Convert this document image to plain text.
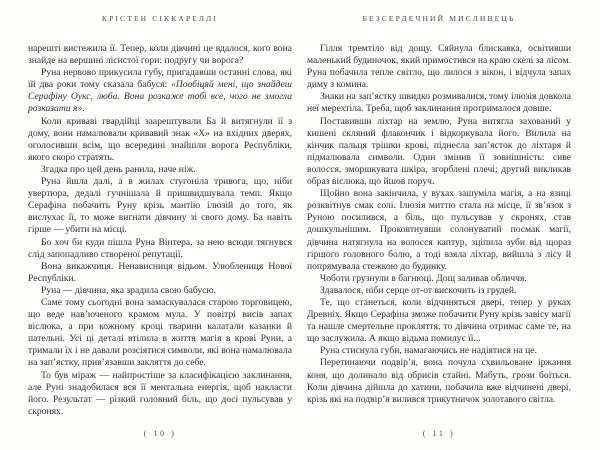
КРІСТЕН СІККАРЕЛЛІ

нарешті вистежила її. Тепер, коли дівчині це вдалося, кого вона знайде на вершині лісистої гори: подругу чи ворога?

Руна нервово прикусила губу, пригадавши останні слова, які їй два роки тому сказала бабуся: «Пообіцяй мені, що знайдеш Серафіну Оукс, люба. Вона розкаже тобі все, чого не змогла розказати я».

Коли криваві гвардійці заарештували Ба й витягнули її з дому, вони намалювали кривавий знак «Х» на вхідних дверях, оголосивши всім, що всередині знайшли ворога Республіки, якого скоро стратять.

Згадка про цей день ранила, наче ніж.

Руна йшла далі, а в жилах стугоніла тривога, що, ніби увертюра, дедалі гучнішала й пришвидшувала темп. Якщо Серафіна побачить Руну крізь мантію ілюзій до того, як вислухає її, то може вигнати дівчину зі свого дому. Ба навіть гірше — убити на місці.

Бо хоч би куди пішла Руна Вінтера, за нею всюди тягнувся слід запопадливо створеної репутації.

Вона викажчиця. Ненависниця відьом. Улюблениця Нової Республіки.

Руна — дівчина, яка зрадила свою бабусю.

Саме тому сьогодні вона замаскувалася старою торговицею, що веде нав’юченого крамом мула. У повітрі висів запах віслюка, а при кожному кроці тварини калатали казанки й пательні. Усі ці деталі втілила в життя магія в крові Руни, а тримали їх і не давали розсіятися символи, які вона намалювала на зап’ястку, прив’язавши закляття до себе.

То був міраж — найпростіше за класифікацією заклинання, але Руні знадобилася вся її ментальна енергія, щоб накласти його. Результат — різкий головний біль, що досі пульсував у скронях.

( 10 )
БЕЗСЕРДЕЧНИЙ МИСЛИВЕЦЬ

Гілля тремтіло від дощу. Сяйнула блискавка, освітивши маленький будиночок, який примостився на краю скелі за лісом. Руна побачила тепле світло, що лилося з вікон, і відчула запах диму з комина.

Знаки на зап’ястку швидко розмивалися, тому ілюзія довкола неї мерехтіла. Треба, щоб заклинання протрималося довше.

Поставивши ліхтар на землю, Руна витягла захований у кишені скляний флакончик і відкоркувала його. Вилила на кінчик пальця трішки крові, піднесла зап’ясток до ліхтаря й підмалювала символи. Один змінив її зовнішність: сиве волосся, зморшкувата шкіра, згорблені плечі; другий викликав образ віслюка, що йшов поруч.

Щойно вона закінчила, у вухах зашуміла магія, а на язиці розквітнув смак солі. Ілюзія миттю стала на місце, її зв’язок з Руною посилився, а біль, що пульсував у скронях, став дошкульнішим. Проковтнувши солонуватий посмак магії, дівчина натягнула на волосся каптур, зціпила зуби від щораз гіршого головного болю, а тоді взяла ліхтар, вийшла з лісу й попрямувала стежкою до будинку.

Чоботи грузнули в багнюці. Дощ заливав обличчя.

Здавалося, ніби серце от-от вискочить із грудей.

Те, що станеться, коли відчиняться двері, тепер у руках Древніх. Якщо Серафіна зможе побачити Руну крізь завісу магії та нашле смертельне прокляття, то дівчина отримає саме те, на що заслужила. А якщо відьма помилує її...

Руна стиснула губи, намагаючись не надіятися на це.

Перетинаючи подвір’я, вона почула схвильоване іржання коня, що долинало від обрисів стайні. Мабуть, грози боїться. Коли дівчина дійшла до хатини, побачила вже відчинені двері, крізь які на подвір’я вилився трикутничок золотавого світла.

( 11 )
